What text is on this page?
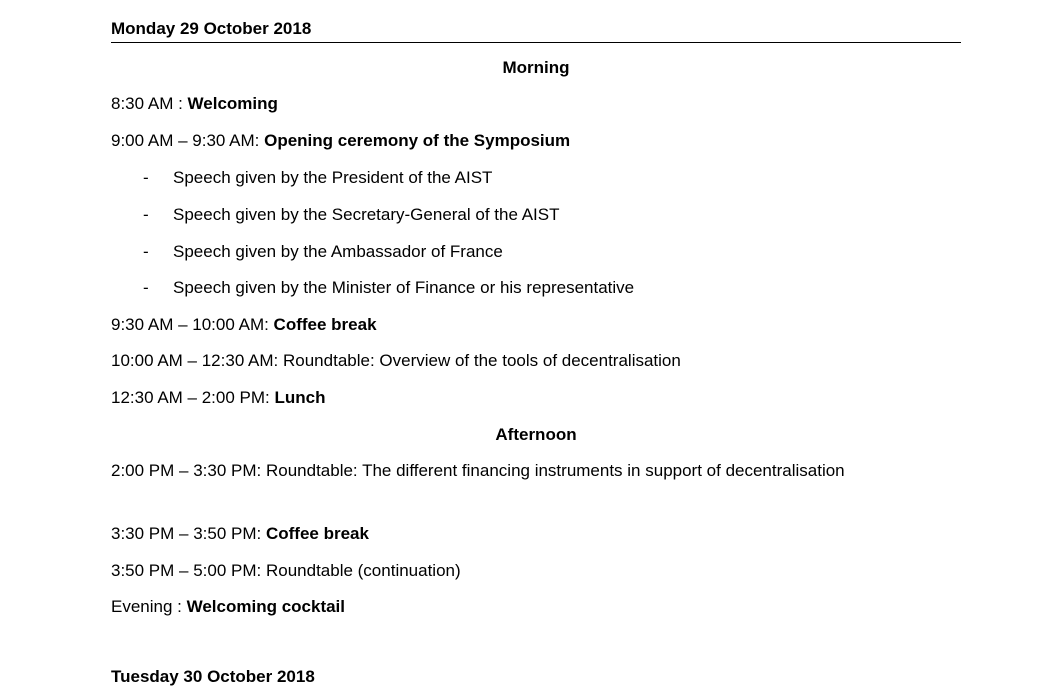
Monday 29 October 2018
Morning
8:30 AM : Welcoming
9:00 AM – 9:30 AM: Opening ceremony of the Symposium
- Speech given by the President of the AIST
- Speech given by the Secretary-General of the AIST
- Speech given by the Ambassador of France
- Speech given by the Minister of Finance or his representative
9:30 AM – 10:00 AM: Coffee break
10:00 AM – 12:30 AM: Roundtable: Overview of the tools of decentralisation
12:30 AM – 2:00 PM: Lunch
Afternoon
2:00 PM – 3:30 PM: Roundtable: The different financing instruments in support of decentralisation
3:30 PM – 3:50 PM: Coffee break
3:50 PM – 5:00 PM: Roundtable (continuation)
Evening : Welcoming cocktail
Tuesday 30 October 2018
